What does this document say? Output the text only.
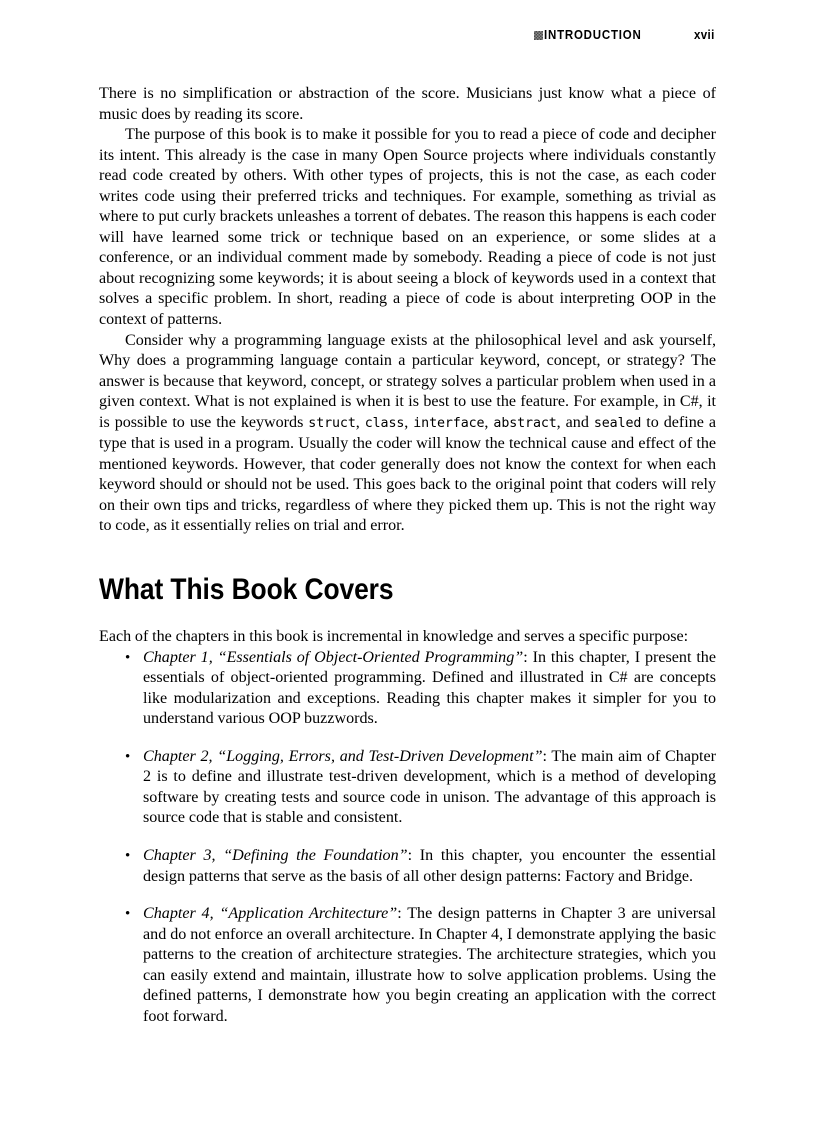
INTRODUCTION	xvii

There is no simplification or abstraction of the score. Musicians just know what a piece of music does by reading its score.

The purpose of this book is to make it possible for you to read a piece of code and decipher its intent. This already is the case in many Open Source projects where individuals constantly read code created by others. With other types of projects, this is not the case, as each coder writes code using their preferred tricks and techniques. For example, something as trivial as where to put curly brackets unleashes a torrent of debates. The reason this happens is each coder will have learned some trick or technique based on an experience, or some slides at a conference, or an individual comment made by somebody. Reading a piece of code is not just about recognizing some keywords; it is about seeing a block of keywords used in a context that solves a specific problem. In short, reading a piece of code is about interpreting OOP in the context of patterns.

Consider why a programming language exists at the philosophical level and ask yourself, Why does a programming language contain a particular keyword, concept, or strategy? The answer is because that keyword, concept, or strategy solves a particular problem when used in a given context. What is not explained is when it is best to use the feature. For example, in C#, it is possible to use the keywords struct, class, interface, abstract, and sealed to define a type that is used in a program. Usually the coder will know the technical cause and effect of the mentioned keywords. However, that coder generally does not know the context for when each keyword should or should not be used. This goes back to the original point that coders will rely on their own tips and tricks, regardless of where they picked them up. This is not the right way to code, as it essentially relies on trial and error.

What This Book Covers

Each of the chapters in this book is incremental in knowledge and serves a specific purpose:

• Chapter 1, “Essentials of Object-Oriented Programming”: In this chapter, I present the essentials of object-oriented programming. Defined and illustrated in C# are concepts like modularization and exceptions. Reading this chapter makes it simpler for you to understand various OOP buzzwords.
• Chapter 2, “Logging, Errors, and Test-Driven Development”: The main aim of Chapter 2 is to define and illustrate test-driven development, which is a method of developing software by creating tests and source code in unison. The advantage of this approach is source code that is stable and consistent.
• Chapter 3, “Defining the Foundation”: In this chapter, you encounter the essential design patterns that serve as the basis of all other design patterns: Factory and Bridge.
• Chapter 4, “Application Architecture”: The design patterns in Chapter 3 are universal and do not enforce an overall architecture. In Chapter 4, I demonstrate applying the basic patterns to the creation of architecture strategies. The architecture strategies, which you can easily extend and maintain, illustrate how to solve application problems. Using the defined patterns, I demonstrate how you begin creating an application with the correct foot forward.
